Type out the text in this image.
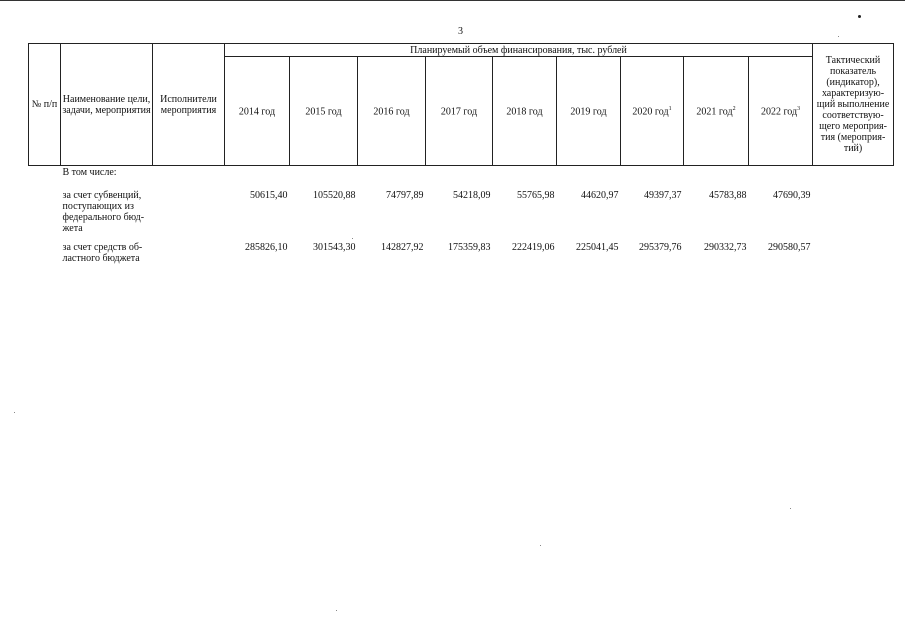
3
№ п/п	Наименование цели, задачи, мероприятия	Исполнители мероприятия	Планируемый объем финансирования, тыс. рублей									Тактический показатель (индикатор), характеризую-щий выполнение соответствую-щего мероприя-тия (мероприя-тий)
			2014 год	2015 год	2016 год	2017 год	2018 год	2019 год	2020 год$^1$	2021 год$^2$	2022 год$^3$
	В том числе:											
	за счет субвенций, поступающих из федерального бюд-жета		50615,40	105520,88	74797,89	54218,09	55765,98	44620,97	49397,37	45783,88	47690,39	
	за счет средств об-ластного бюджета		285826,10	301543,30	142827,92	175359,83	222419,06	225041,45	295379,76	290332,73	290580,57	
